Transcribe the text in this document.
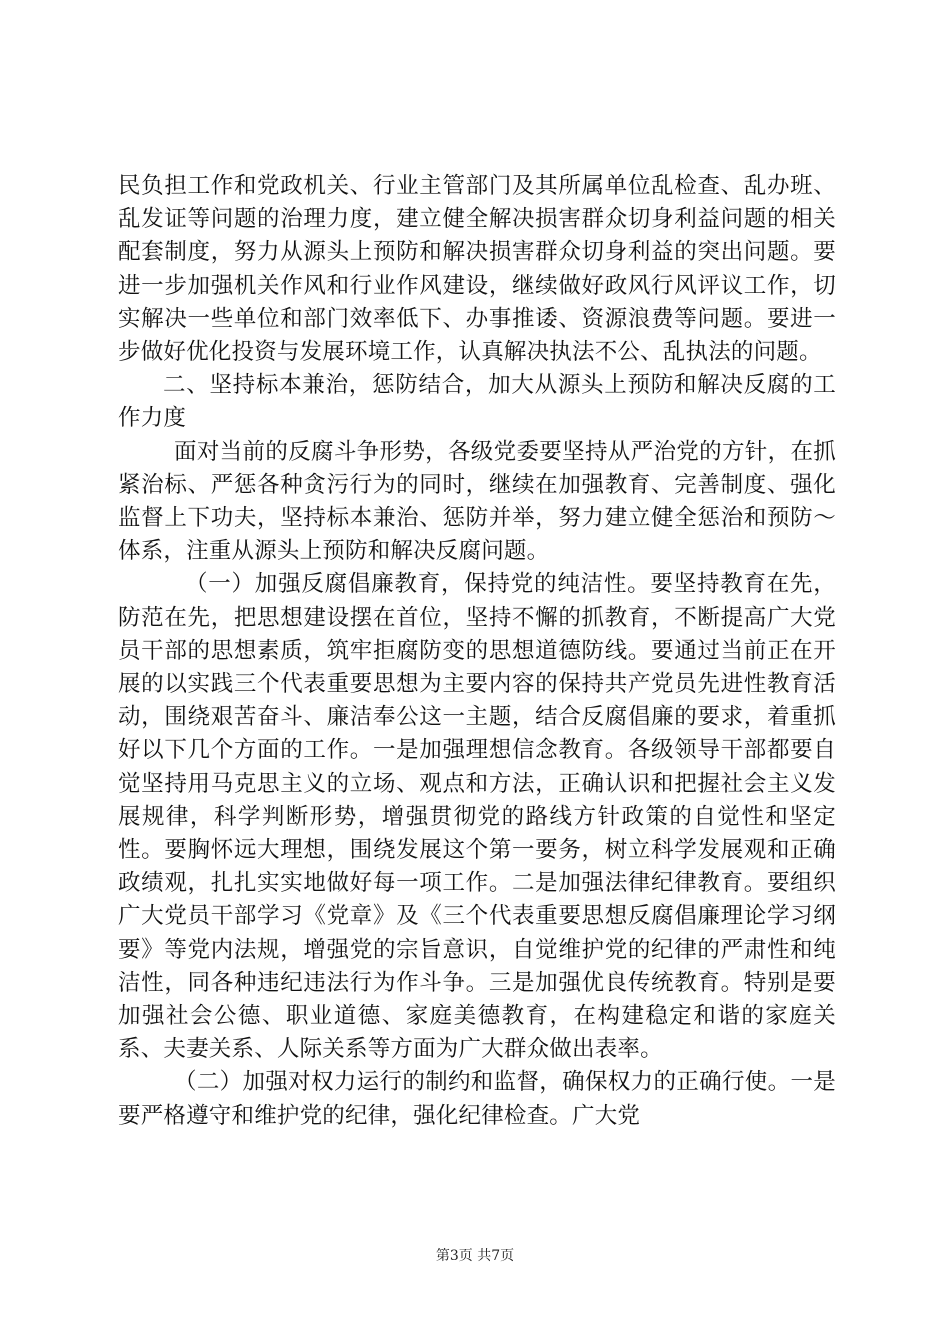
民负担工作和党政机关、行业主管部门及其所属单位乱检查、乱办班、乱发证等问题的治理力度，建立健全解决损害群众切身利益问题的相关配套制度，努力从源头上预防和解决损害群众切身利益的突出问题。要进一步加强机关作风和行业作风建设，继续做好政风行风评议工作，切实解决一些单位和部门效率低下、办事推诿、资源浪费等问题。要进一步做好优化投资与发展环境工作，认真解决执法不公、乱执法的问题。

二、坚持标本兼治，惩防结合，加大从源头上预防和解决反腐的工作力度

面对当前的反腐斗争形势，各级党委要坚持从严治党的方针，在抓紧治标、严惩各种贪污行为的同时，继续在加强教育、完善制度、强化监督上下功夫，坚持标本兼治、惩防并举，努力建立健全惩治和预防～体系，注重从源头上预防和解决反腐问题。

（一）加强反腐倡廉教育，保持党的纯洁性。要坚持教育在先，防范在先，把思想建设摆在首位，坚持不懈的抓教育，不断提高广大党员干部的思想素质，筑牢拒腐防变的思想道德防线。要通过当前正在开展的以实践三个代表重要思想为主要内容的保持共产党员先进性教育活动，围绕艰苦奋斗、廉洁奉公这一主题，结合反腐倡廉的要求，着重抓好以下几个方面的工作。一是加强理想信念教育。各级领导干部都要自觉坚持用马克思主义的立场、观点和方法，正确认识和把握社会主义发展规律，科学判断形势，增强贯彻党的路线方针政策的自觉性和坚定性。要胸怀远大理想，围绕发展这个第一要务，树立科学发展观和正确政绩观，扎扎实实地做好每一项工作。二是加强法律纪律教育。要组织广大党员干部学习《党章》及《三个代表重要思想反腐倡廉理论学习纲要》等党内法规，增强党的宗旨意识，自觉维护党的纪律的严肃性和纯洁性，同各种违纪违法行为作斗争。三是加强优良传统教育。特别是要加强社会公德、职业道德、家庭美德教育，在构建稳定和谐的家庭关系、夫妻关系、人际关系等方面为广大群众做出表率。

（二）加强对权力运行的制约和监督，确保权力的正确行使。一是要严格遵守和维护党的纪律，强化纪律检查。广大党

第3页 共7页
